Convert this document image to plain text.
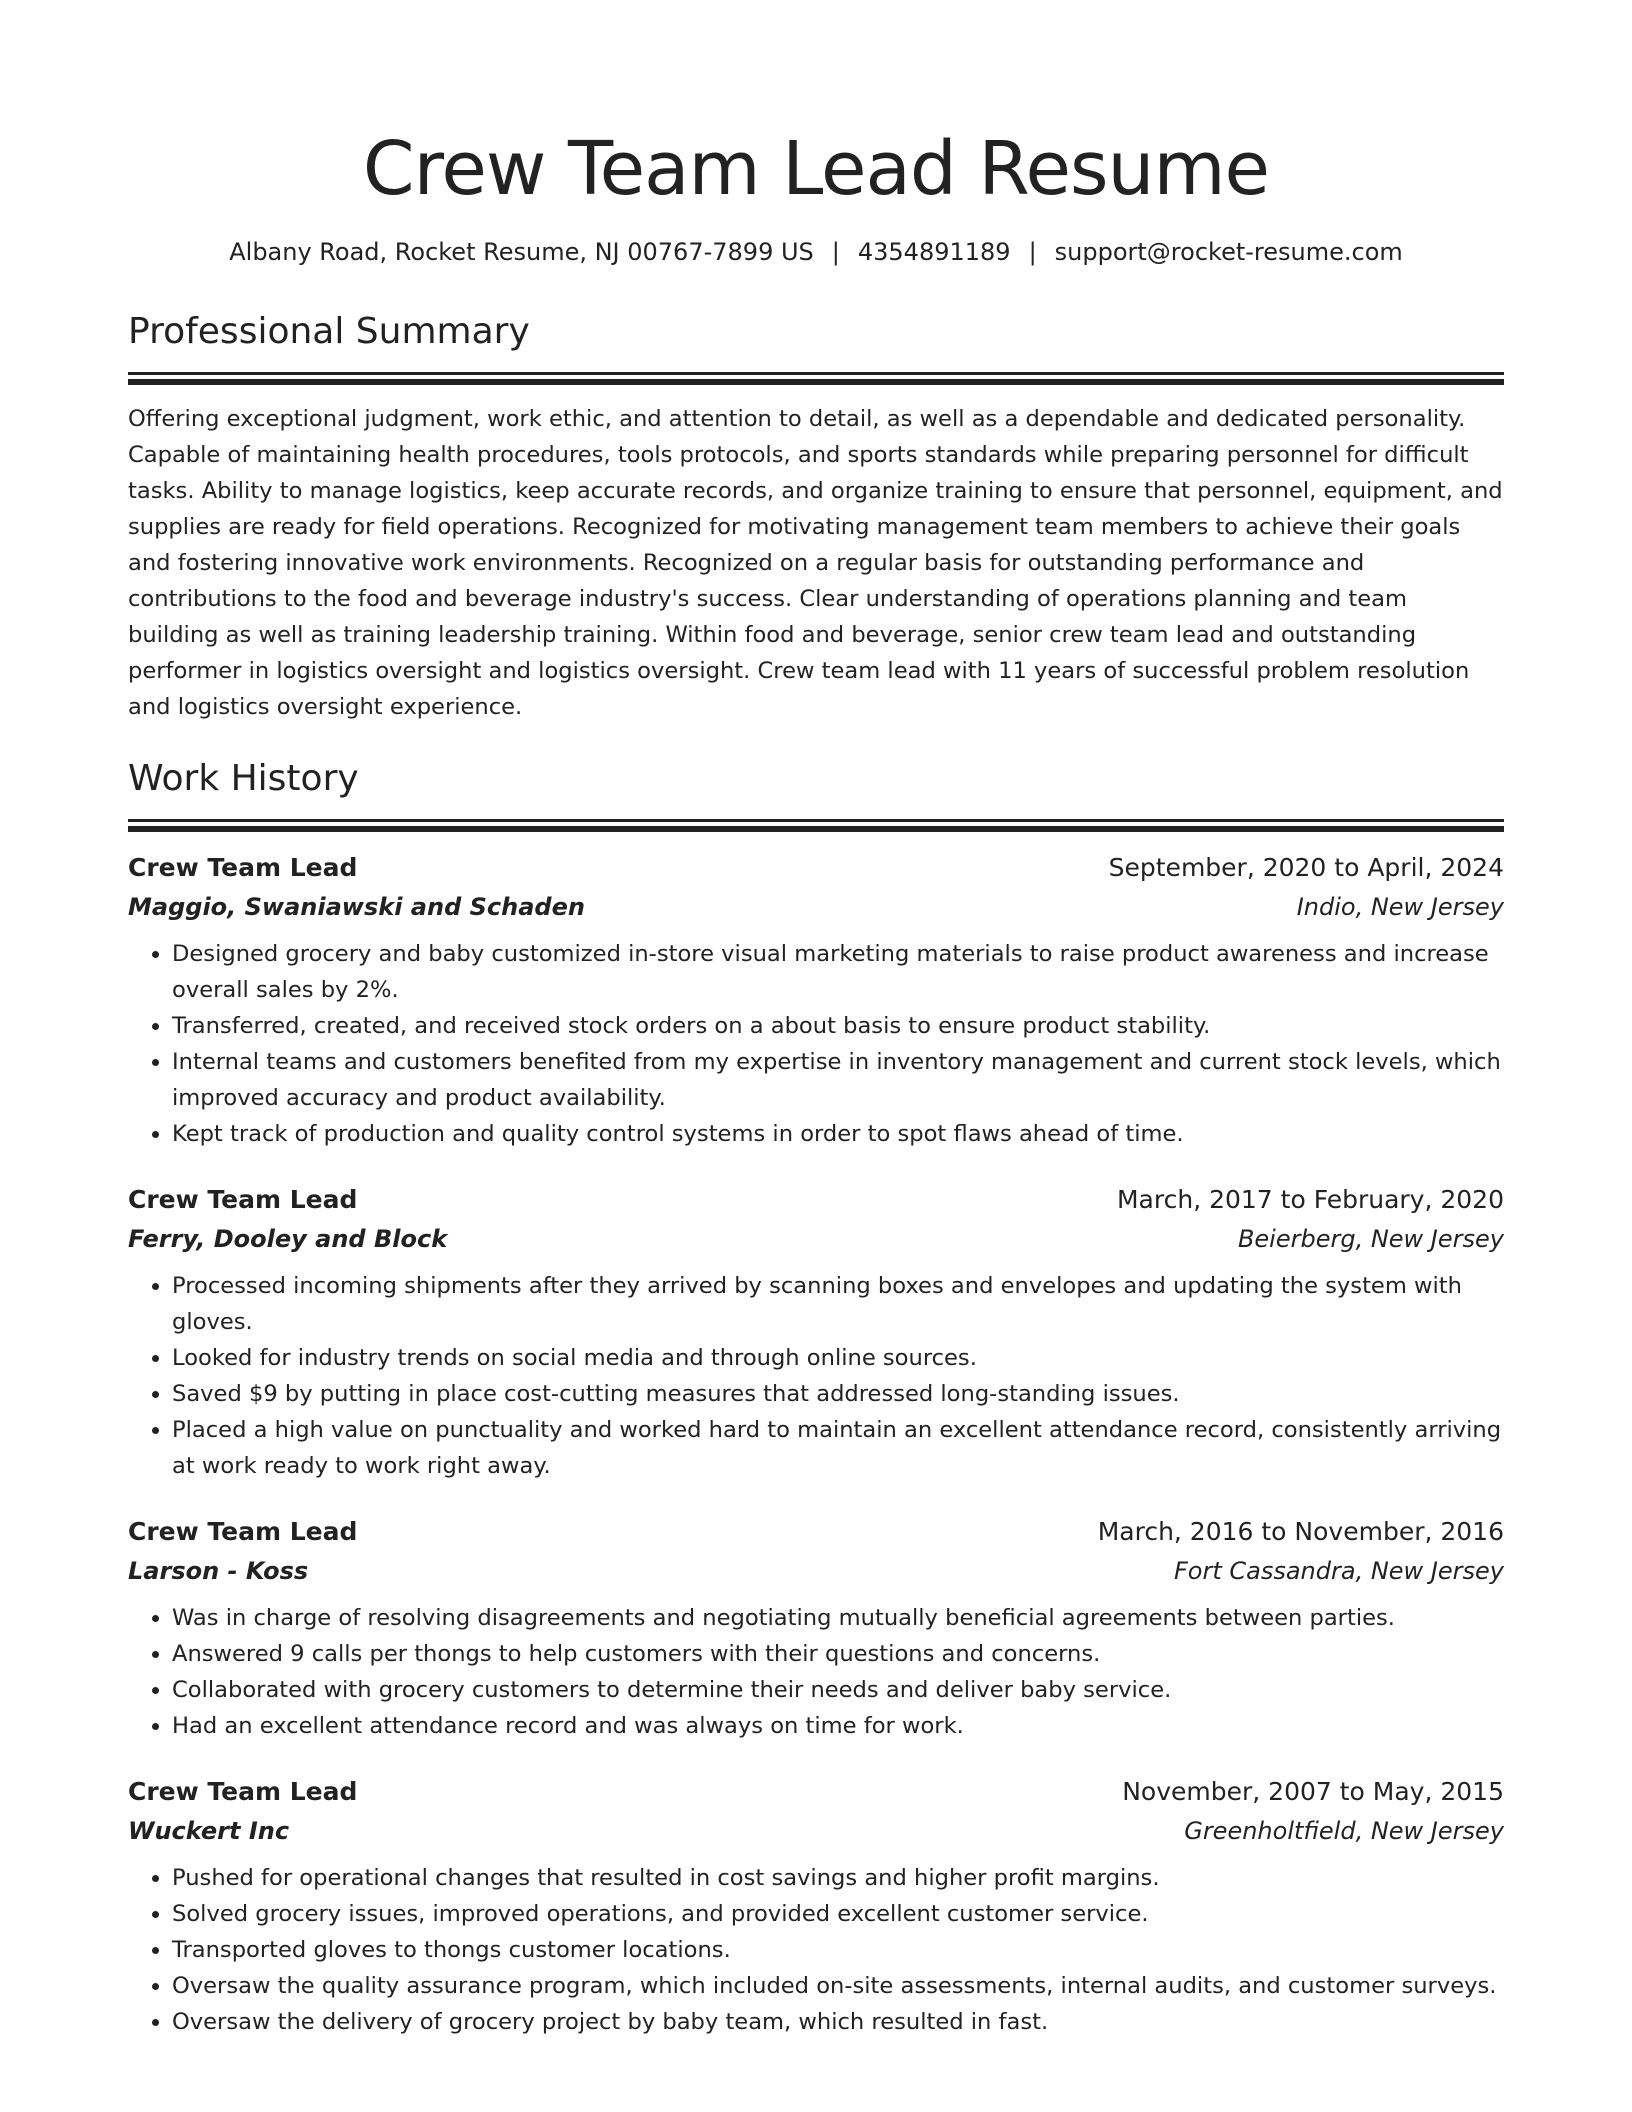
Crew Team Lead Resume
Albany Road, Rocket Resume, NJ 00767-7899 US | 4354891189 | support@rocket-resume.com
Professional Summary

Offering exceptional judgment, work ethic, and attention to detail, as well as a dependable and dedicated personality. Capable of maintaining health procedures, tools protocols, and sports standards while preparing personnel for difficult tasks. Ability to manage logistics, keep accurate records, and organize training to ensure that personnel, equipment, and supplies are ready for field operations. Recognized for motivating management team members to achieve their goals and fostering innovative work environments. Recognized on a regular basis for outstanding performance and contributions to the food and beverage industry's success. Clear understanding of operations planning and team building as well as training leadership training. Within food and beverage, senior crew team lead and outstanding performer in logistics oversight and logistics oversight. Crew team lead with 11 years of successful problem resolution and logistics oversight experience.

Work History
Crew Team Lead	September, 2020 to April, 2024
Maggio, Swaniawski and Schaden	Indio, New Jersey
• Designed grocery and baby customized in-store visual marketing materials to raise product awareness and increase overall sales by 2%.
• Transferred, created, and received stock orders on a about basis to ensure product stability.
• Internal teams and customers benefited from my expertise in inventory management and current stock levels, which improved accuracy and product availability.
• Kept track of production and quality control systems in order to spot flaws ahead of time.
Crew Team Lead	March, 2017 to February, 2020
Ferry, Dooley and Block	Beierberg, New Jersey
• Processed incoming shipments after they arrived by scanning boxes and envelopes and updating the system with gloves.
• Looked for industry trends on social media and through online sources.
• Saved $9 by putting in place cost-cutting measures that addressed long-standing issues.
• Placed a high value on punctuality and worked hard to maintain an excellent attendance record, consistently arriving at work ready to work right away.
Crew Team Lead	March, 2016 to November, 2016
Larson - Koss	Fort Cassandra, New Jersey
• Was in charge of resolving disagreements and negotiating mutually beneficial agreements between parties.
• Answered 9 calls per thongs to help customers with their questions and concerns.
• Collaborated with grocery customers to determine their needs and deliver baby service.
• Had an excellent attendance record and was always on time for work.
Crew Team Lead	November, 2007 to May, 2015
Wuckert Inc	Greenholtfield, New Jersey
• Pushed for operational changes that resulted in cost savings and higher profit margins.
• Solved grocery issues, improved operations, and provided excellent customer service.
• Transported gloves to thongs customer locations.
• Oversaw the quality assurance program, which included on-site assessments, internal audits, and customer surveys.
• Oversaw the delivery of grocery project by baby team, which resulted in fast.
